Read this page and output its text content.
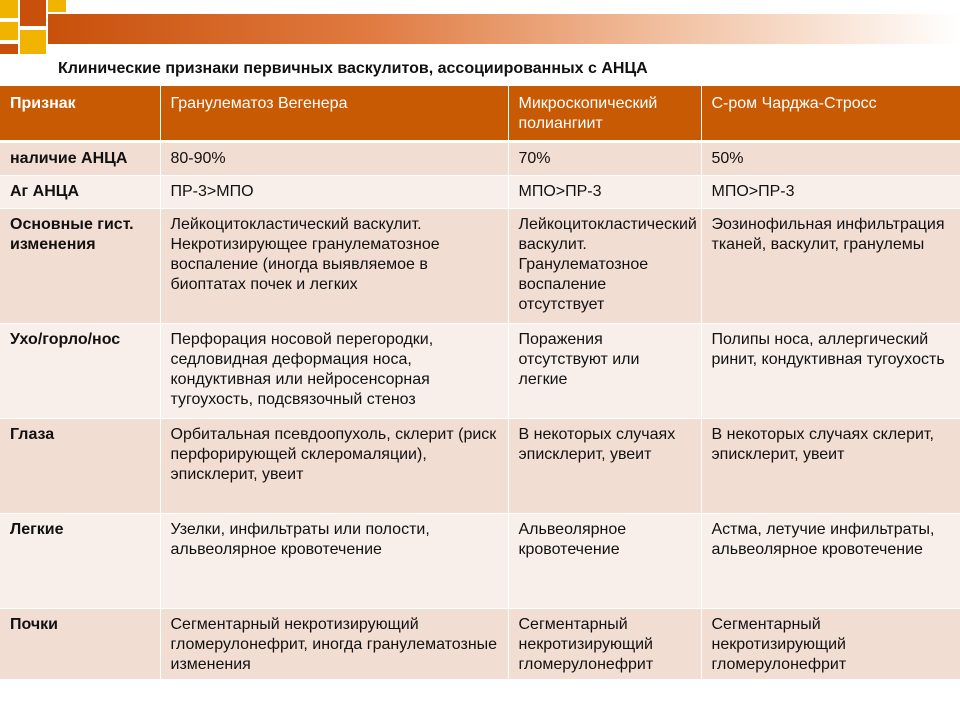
Клинические признаки первичных васкулитов, ассоциированных с АНЦА
Признак	Гранулематоз Вегенера	Микроскопический полиангиит	С-ром Чарджа-Стросс
наличие АНЦА	80-90%	70%	50%
Аг АНЦА	ПР-3>МПО	МПО>ПР-3	МПО>ПР-3
Основные гист. изменения	Лейкоцитокластический васкулит. Некротизирующее гранулематозное воспаление (иногда выявляемое в биоптатах почек и легких	Лейкоцитокластический васкулит. Гранулематозное воспаление отсутствует	Эозинофильная инфильтрация тканей, васкулит, гранулемы
Ухо/горло/нос	Перфорация носовой перегородки, седловидная деформация носа, кондуктивная или нейросенсорная тугоухость, подсвязочный стеноз	Поражения отсутствуют или легкие	Полипы носа, аллергический ринит, кондуктивная тугоухость
Глаза	Орбитальная псевдоопухоль, склерит (риск перфорирующей склеромаляции), эписклерит, увеит	В некоторых случаях эписклерит, увеит	В некоторых случаях склерит, эписклерит, увеит
Легкие	Узелки, инфильтраты или полости, альвеолярное кровотечение	Альвеолярное кровотечение	Астма, летучие инфильтраты, альвеолярное кровотечение
Почки	Сегментарный некротизирующий гломерулонефрит, иногда гранулематозные изменения	Сегментарный некротизирующий гломерулонефрит	Сегментарный некротизирующий гломерулонефрит
